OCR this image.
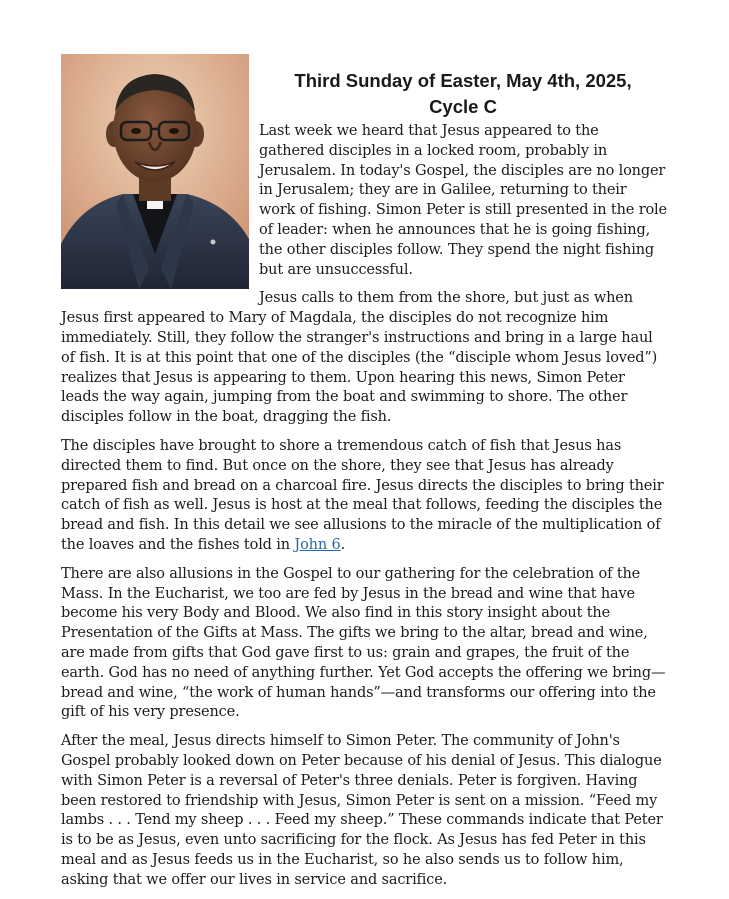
Third Sunday of Easter, May 4th, 2025,
Cycle C

Last week we heard that Jesus appeared to the gathered disciples in a locked room, probably in Jerusalem. In today's Gospel, the disciples are no longer in Jerusalem; they are in Galilee, returning to their work of fishing. Simon Peter is still presented in the role of leader: when he announces that he is going fishing, the other disciples follow. They spend the night fishing but are unsuccessful.

Jesus calls to them from the shore, but just as when Jesus first appeared to Mary of Magdala, the disciples do not recognize him immediately. Still, they follow the stranger's instructions and bring in a large haul of fish. It is at this point that one of the disciples (the “disciple whom Jesus loved”) realizes that Jesus is appearing to them. Upon hearing this news, Simon Peter leads the way again, jumping from the boat and swimming to shore. The other disciples follow in the boat, dragging the fish.

The disciples have brought to shore a tremendous catch of fish that Jesus has directed them to find. But once on the shore, they see that Jesus has already prepared fish and bread on a charcoal fire. Jesus directs the disciples to bring their catch of fish as well. Jesus is host at the meal that follows, feeding the disciples the bread and fish. In this detail we see allusions to the miracle of the multiplication of the loaves and the fishes told in John 6.

There are also allusions in the Gospel to our gathering for the celebration of the Mass. In the Eucharist, we too are fed by Jesus in the bread and wine that have become his very Body and Blood. We also find in this story insight about the Presentation of the Gifts at Mass. The gifts we bring to the altar, bread and wine, are made from gifts that God gave first to us: grain and grapes, the fruit of the earth. God has no need of anything further. Yet God accepts the offering we bring—bread and wine, “the work of human hands”—and transforms our offering into the gift of his very presence.

After the meal, Jesus directs himself to Simon Peter. The community of John's Gospel probably looked down on Peter because of his denial of Jesus. This dialogue with Simon Peter is a reversal of Peter's three denials. Peter is forgiven. Having been restored to friendship with Jesus, Simon Peter is sent on a mission. “Feed my lambs . . . Tend my sheep . . . Feed my sheep.” These commands indicate that Peter is to be as Jesus, even unto sacrificing for the flock. As Jesus has fed Peter in this meal and as Jesus feeds us in the Eucharist, so he also sends us to follow him, asking that we offer our lives in service and sacrifice.
